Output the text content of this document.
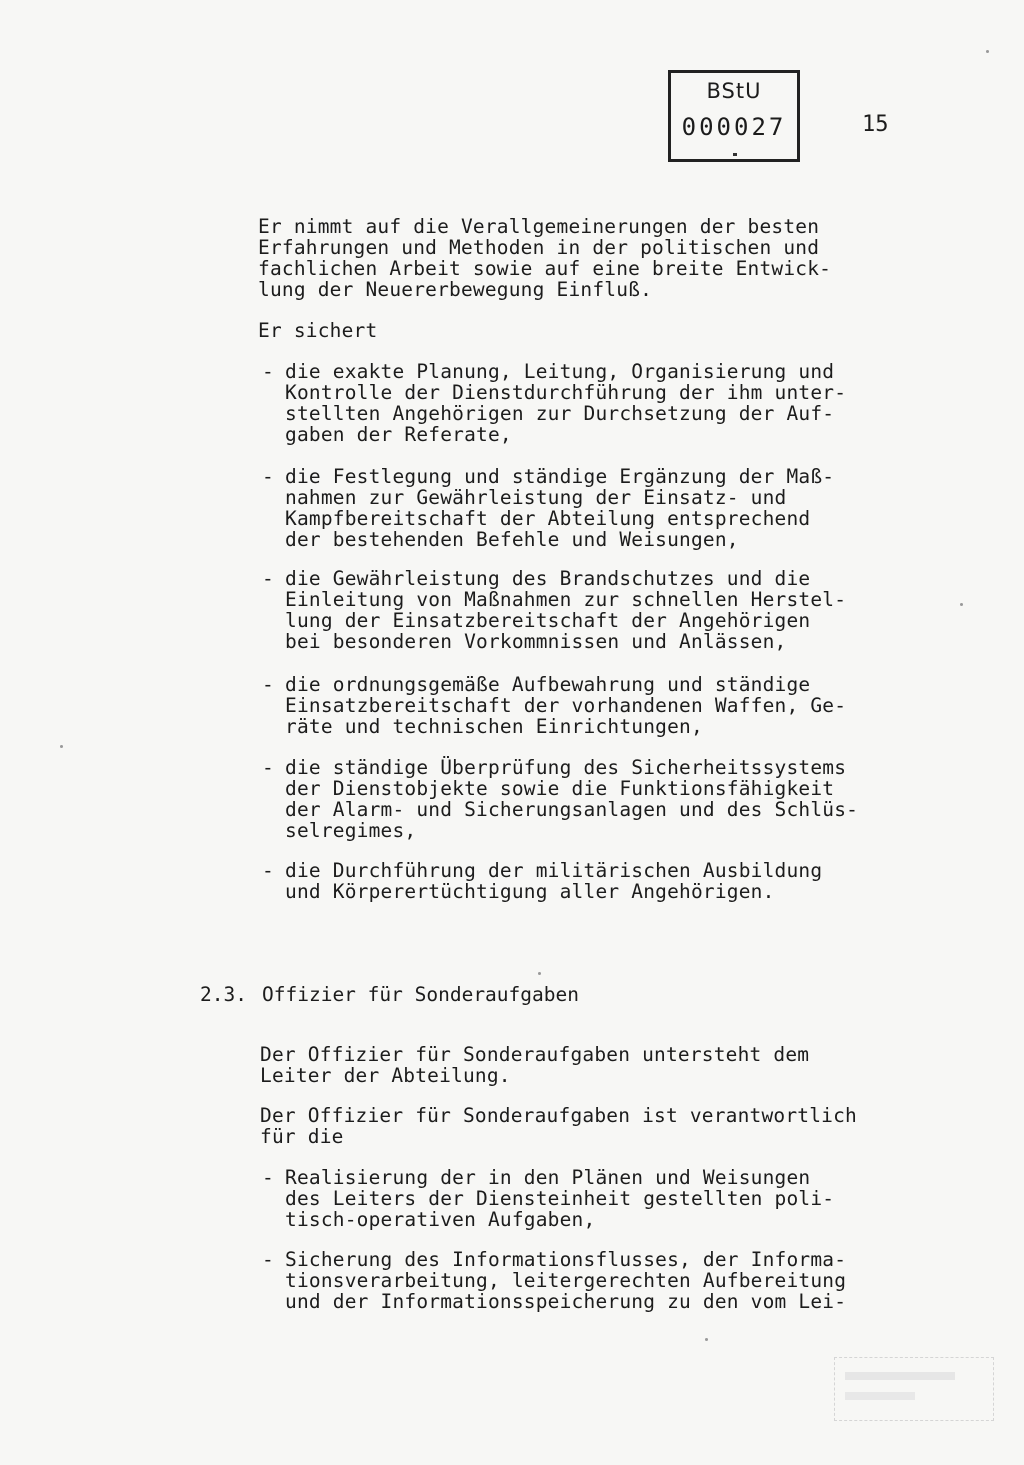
BStU
000027	15
Er nimmt auf die Verallgemeinerungen der besten
Erfahrungen und Methoden in der politischen und
fachlichen Arbeit sowie auf eine breite Entwick-
lung der Neuererbewegung Einfluß.
Er sichert
- die exakte Planung, Leitung, Organisierung und
Kontrolle der Dienstdurchführung der ihm unter-
stellten Angehörigen zur Durchsetzung der Auf-
gaben der Referate,
- die Festlegung und ständige Ergänzung der Maß-
nahmen zur Gewährleistung der Einsatz- und
Kampfbereitschaft der Abteilung entsprechend
der bestehenden Befehle und Weisungen,
- die Gewährleistung des Brandschutzes und die
Einleitung von Maßnahmen zur schnellen Herstel-
lung der Einsatzbereitschaft der Angehörigen
bei besonderen Vorkommnissen und Anlässen,
- die ordnungsgemäße Aufbewahrung und ständige
Einsatzbereitschaft der vorhandenen Waffen, Ge-
räte und technischen Einrichtungen,
- die ständige Überprüfung des Sicherheitssystems
der Dienstobjekte sowie die Funktionsfähigkeit
der Alarm- und Sicherungsanlagen und des Schlüs-
selregimes,
- die Durchführung der militärischen Ausbildung
und Körperertüchtigung aller Angehörigen.
2.3. Offizier für Sonderaufgaben
Der Offizier für Sonderaufgaben untersteht dem
Leiter der Abteilung.
Der Offizier für Sonderaufgaben ist verantwortlich
für die
- Realisierung der in den Plänen und Weisungen
des Leiters der Diensteinheit gestellten poli-
tisch-operativen Aufgaben,
- Sicherung des Informationsflusses, der Informa-
tionsverarbeitung, leitergerechten Aufbereitung
und der Informationsspeicherung zu den vom Lei-
